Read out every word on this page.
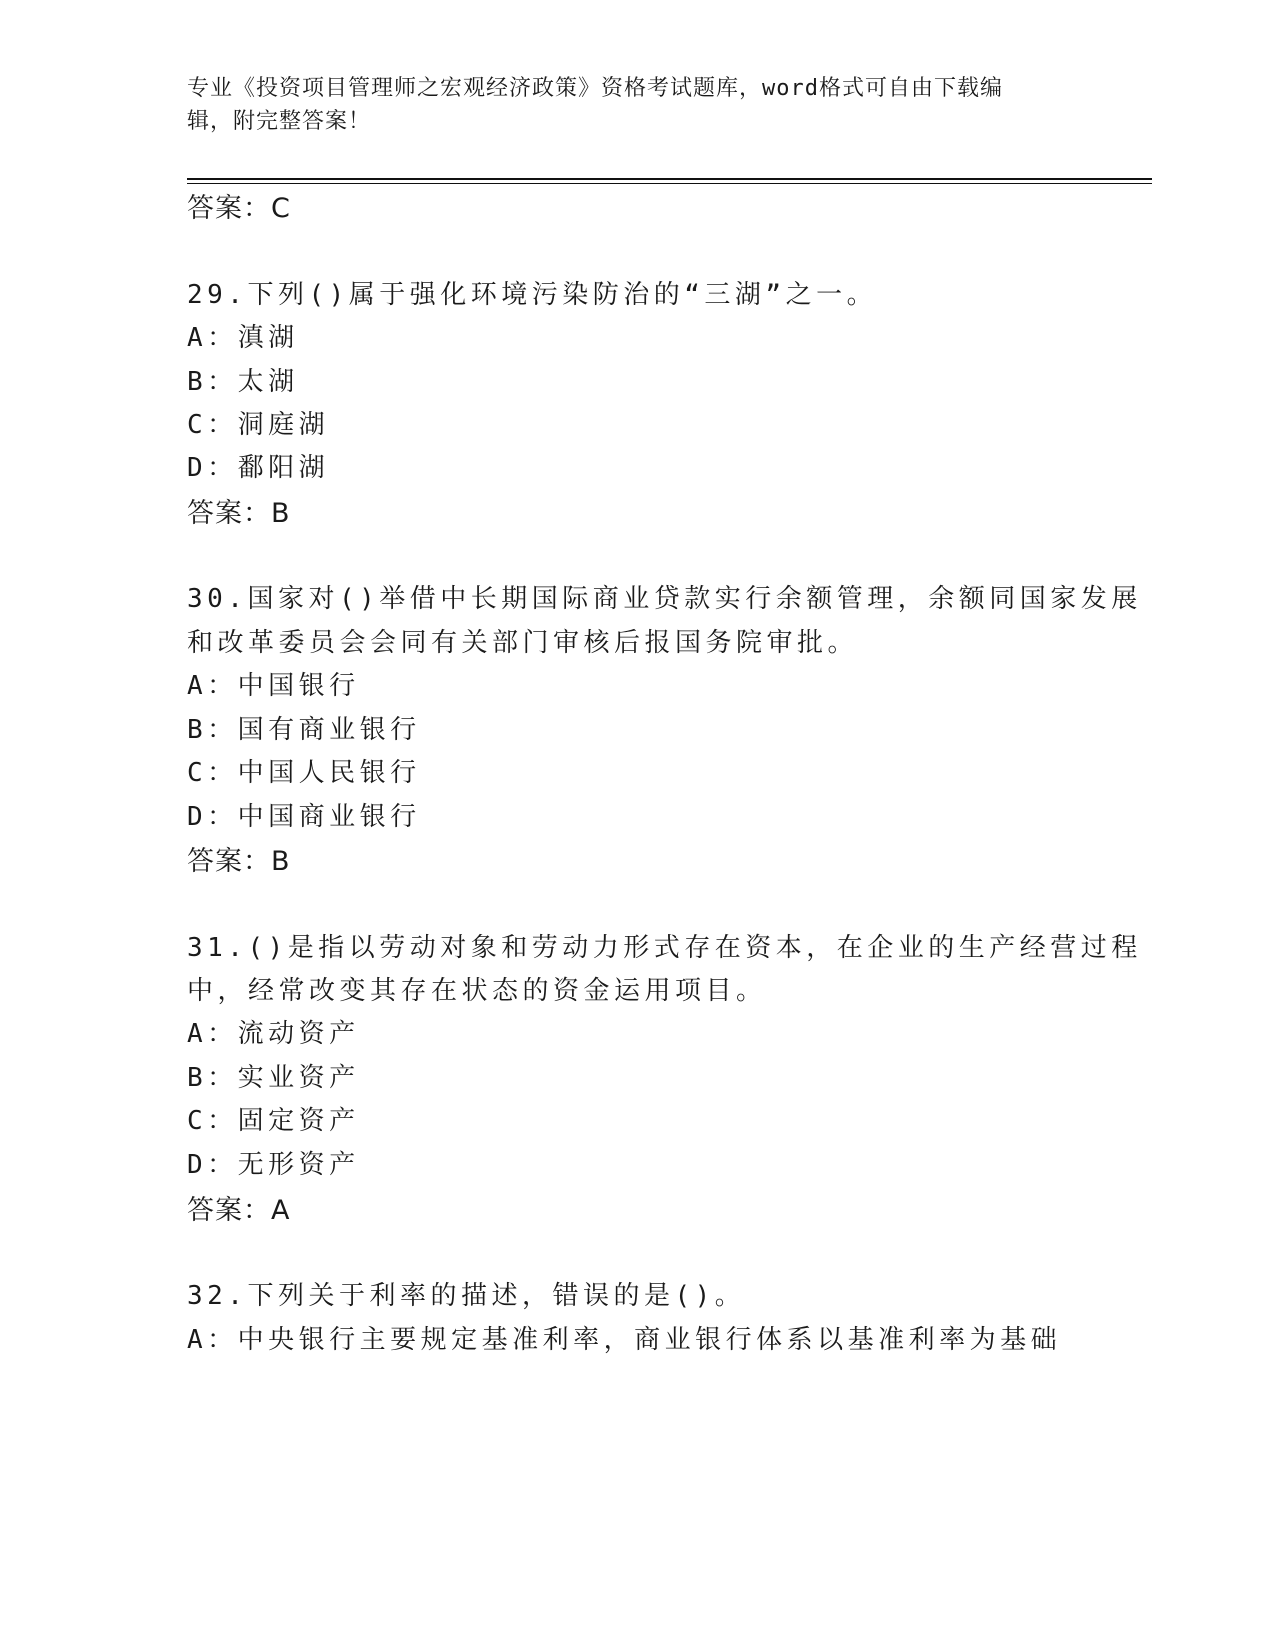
专业《投资项目管理师之宏观经济政策》资格考试题库，word格式可自由下载编
辑，附完整答案！
答案：C
29.下列()属于强化环境污染防治的“三湖”之一。
A：滇湖
B：太湖
C：洞庭湖
D：鄱阳湖
答案：B
30.国家对()举借中长期国际商业贷款实行余额管理，余额同国家发展
和改革委员会会同有关部门审核后报国务院审批。
A：中国银行
B：国有商业银行
C：中国人民银行
D：中国商业银行
答案：B
31.()是指以劳动对象和劳动力形式存在资本，在企业的生产经营过程
中，经常改变其存在状态的资金运用项目。
A：流动资产
B：实业资产
C：固定资产
D：无形资产
答案：A
32.下列关于利率的描述，错误的是()。
A：中央银行主要规定基准利率，商业银行体系以基准利率为基础
